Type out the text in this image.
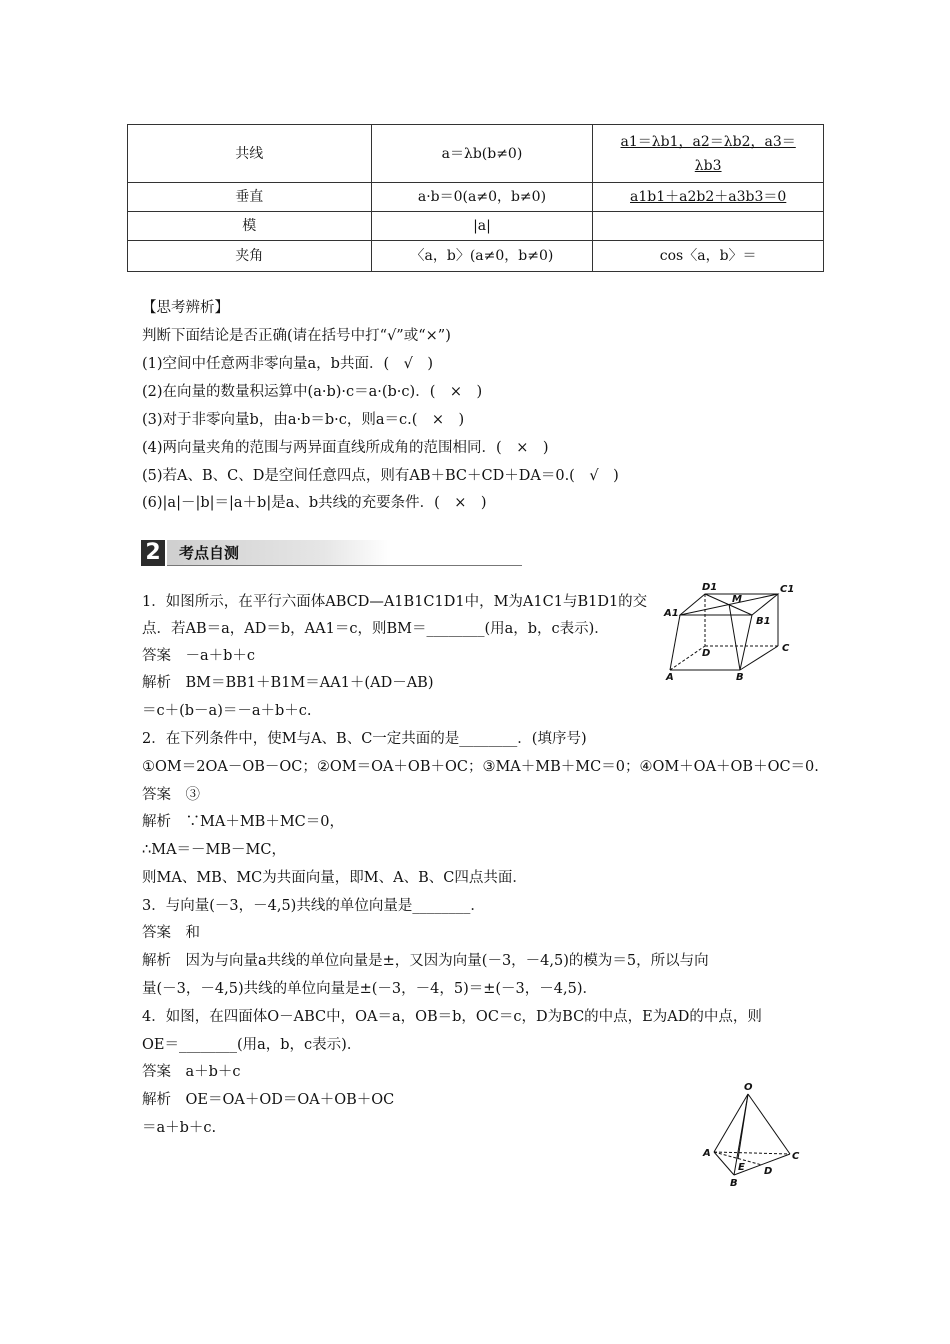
共线	a＝λb(b≠0)	a1＝λb1，a2＝λb2，a3＝
λb3

垂直	a·b＝0(a≠0，b≠0)	a1b1＋a2b2＋a3b3＝0
模	|a|	
夹角	〈a，b〉(a≠0，b≠0)	cos〈a，b〉＝
【思考辨析】
判断下面结论是否正确(请在括号中打“√”或“×”)
(1)空间中任意两非零向量a，b共面．(　√　)
(2)在向量的数量积运算中(a·b)·c＝a·(b·c)．(　×　)
(3)对于非零向量b，由a·b＝b·c，则a＝c.(　×　)
(4)两向量夹角的范围与两异面直线所成角的范围相同．(　×　)
(5)若A、B、C、D是空间任意四点，则有AB＋BC＋CD＋DA＝0.(　√　)
(6)|a|－|b|＝|a＋b|是a、b共线的充要条件．(　×　)
2 考点自测
1．如图所示，在平行六面体ABCD—A1B1C1D1中，M为A1C1与B1D1的交
点．若AB＝a，AD＝b，AA1＝c，则BM＝________(用a，b，c表示)．
答案　－a＋b＋c
解析　BM＝BB1＋B1M＝AA1＋(AD－AB)
＝c＋(b－a)＝－a＋b＋c.
2．在下列条件中，使M与A、B、C一定共面的是________．(填序号)
①OM＝2OA－OB－OC；②OM＝OA＋OB＋OC；③MA＋MB＋MC＝0；④OM＋OA＋OB＋OC＝0.
答案　③
解析　∵MA＋MB＋MC＝0，
∴MA＝－MB－MC，
则MA、MB、MC为共面向量，即M、A、B、C四点共面．
3．与向量(－3，－4,5)共线的单位向量是________．
答案　和
解析　因为与向量a共线的单位向量是±，又因为向量(－3，－4,5)的模为＝5，所以与向
量(－3，－4,5)共线的单位向量是±(－3，－4，5)＝±(－3，－4,5)．
4．如图，在四面体O－ABC中，OA＝a，OB＝b，OC＝c，D为BC的中点，E为AD的中点，则
OE＝________(用a，b，c表示)．
答案　a＋b＋c
解析　OE＝OA＋OD＝OA＋OB＋OC
＝a＋b＋c.
D1	C1
A1
M
B1
D	C
A	B
O
A	C
E D
B
